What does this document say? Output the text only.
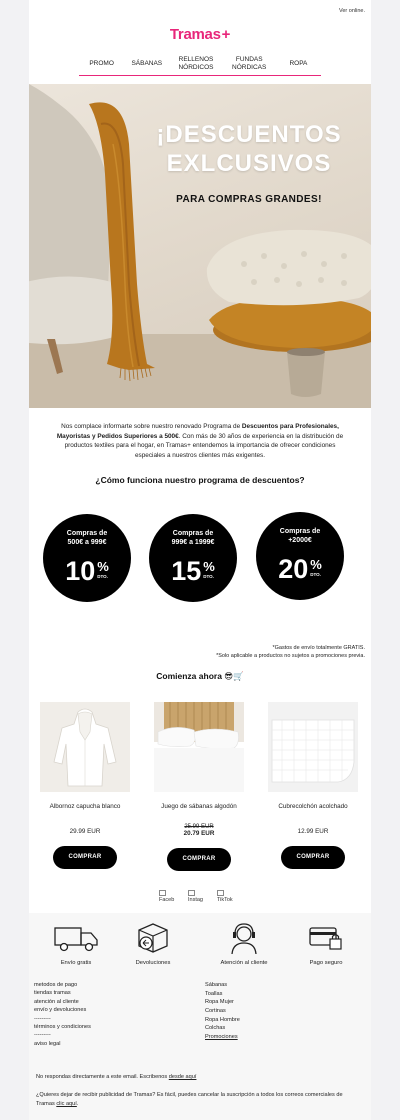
Ver online.
Tramas+
PROMO	SÁBANAS
RELLENOS NÓRDICOS
FUNDAS NÓRDICAS
ROPA
¡DESCUENTOS
EXLCUSIVOS
PARA COMPRAS GRANDES!
Nos complace informarte sobre nuestro renovado Programa de Descuentos para Profesionales, Mayoristas y Pedidos Superiores a 500€. Con más de 30 años de experiencia en la distribución de productos textiles para el hogar, en Tramas+ entendemos la importancia de ofrecer condiciones especiales a nuestros clientes más exigentes.
¿Cómo funciona nuestro programa de descuentos?
Compras de
500€ a 999€
10 %
DTO.
Compras de
999€ a 1999€
15 %
DTO.
Compras de
+2000€
20 %
DTO.
*Gastos de envío totalmente GRATIS.
*Solo aplicable a productos no sujetos a promociones previa.
Comienza ahora 😎🛒
Albornoz capucha blanco
29.99 EUR
COMPRAR
Juego de sábanas algodón
25.99 EUR
20.79 EUR
COMPRAR
Cubrecolchón acolchado
12.99 EUR
COMPRAR
Faceb Instag	TikTok
Envío gratis	Devoluciones	Atención al cliente	Pago seguro
metodos de pago
tiendas tramas
atención al cliente
envío y devoluciones
---------
términos y condiciones
---------
aviso legal
Sábanas
Toallas
Ropa Mujer
Cortinas
Ropa Hombre
Colchas
Promociones
No respondas directamente a este email. Escribenos desde aquí
¿Quieres dejar de recibir publicidad de Tramas? Es fácil, puedes cancelar la suscripción a todos los correos comerciales de Tramas clic aquí.
